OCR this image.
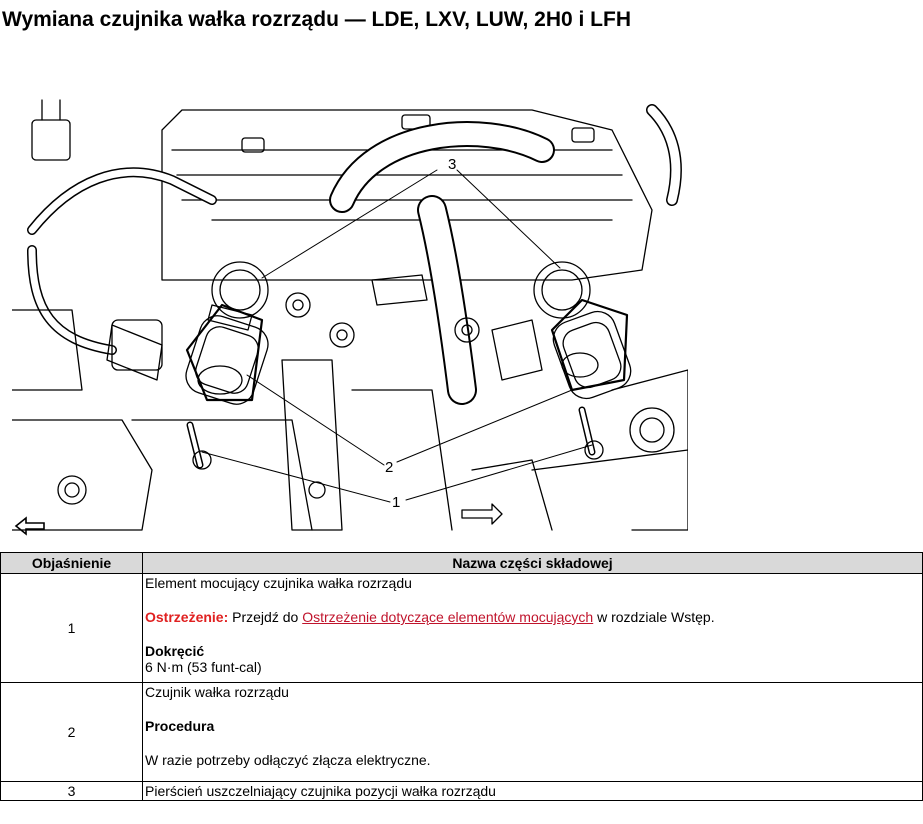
Wymiana czujnika wałka rozrządu — LDE, LXV, LUW, 2H0 i LFH
3
2
1
Objaśnienie	Nazwa części składowej
1	Element mocujący czujnika wałka rozrządu
Ostrzeżenie: Przejdź do Ostrzeżenie dotyczące elementów mocujących w rozdziale Wstęp.
Dokręcić
6 N·m (53 funt-cal)

2	Czujnik wałka rozrządu
Procedura
W razie potrzeby odłączyć złącza elektryczne.

3	Pierścień uszczelniający czujnika pozycji wałka rozrządu
